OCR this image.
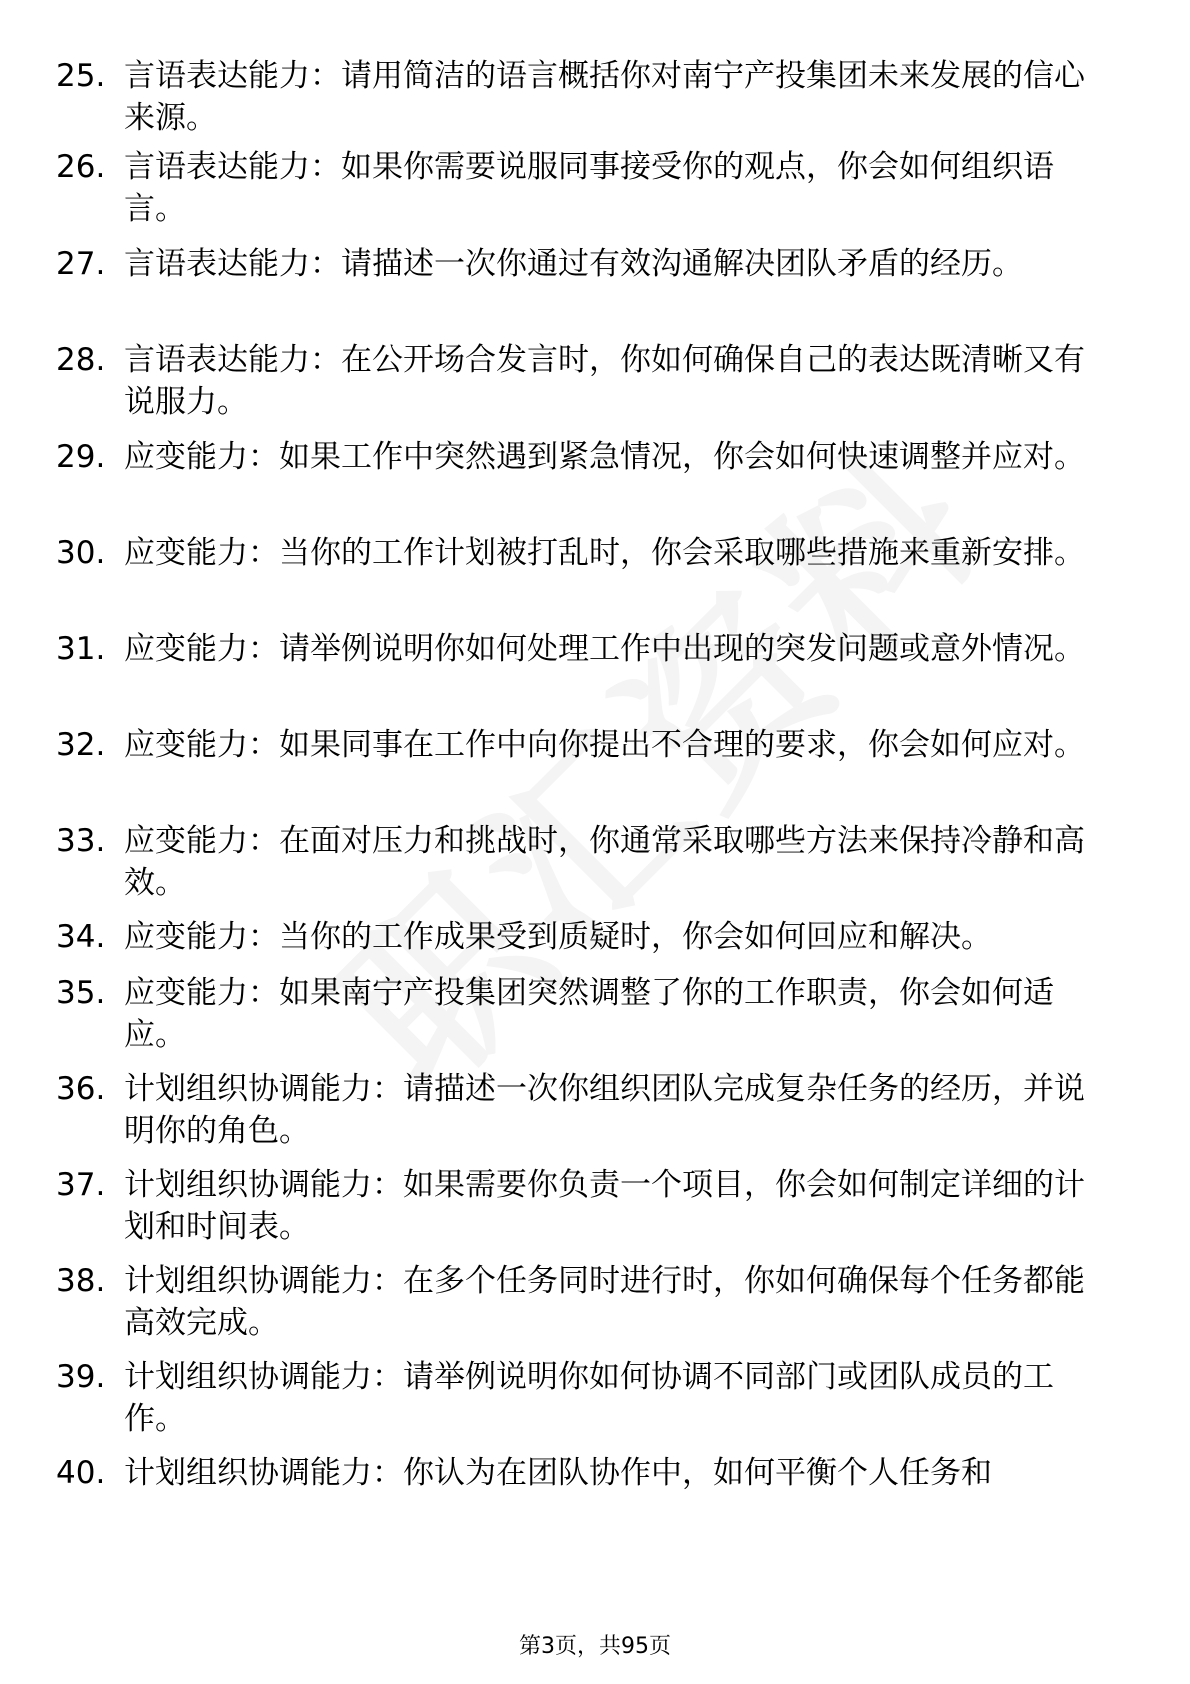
25. 言语表达能力：请用简洁的语言概括你对南宁产投集团未来发展的信心来源。
26. 言语表达能力：如果你需要说服同事接受你的观点，你会如何组织语言。
27. 言语表达能力：请描述一次你通过有效沟通解决团队矛盾的经历。
28. 言语表达能力：在公开场合发言时，你如何确保自己的表达既清晰又有说服力。
29. 应变能力：如果工作中突然遇到紧急情况，你会如何快速调整并应对。
30. 应变能力：当你的工作计划被打乱时，你会采取哪些措施来重新安排。
31. 应变能力：请举例说明你如何处理工作中出现的突发问题或意外情况。
32. 应变能力：如果同事在工作中向你提出不合理的要求，你会如何应对。
33. 应变能力：在面对压力和挑战时，你通常采取哪些方法来保持冷静和高效。
34. 应变能力：当你的工作成果受到质疑时，你会如何回应和解决。
35. 应变能力：如果南宁产投集团突然调整了你的工作职责，你会如何适应。
36. 计划组织协调能力：请描述一次你组织团队完成复杂任务的经历，并说明你的角色。
37. 计划组织协调能力：如果需要你负责一个项目，你会如何制定详细的计划和时间表。
38. 计划组织协调能力：在多个任务同时进行时，你如何确保每个任务都能高效完成。
39. 计划组织协调能力：请举例说明你如何协调不同部门或团队成员的工作。
40. 计划组织协调能力：你认为在团队协作中，如何平衡个人任务和
第3页，共95页
